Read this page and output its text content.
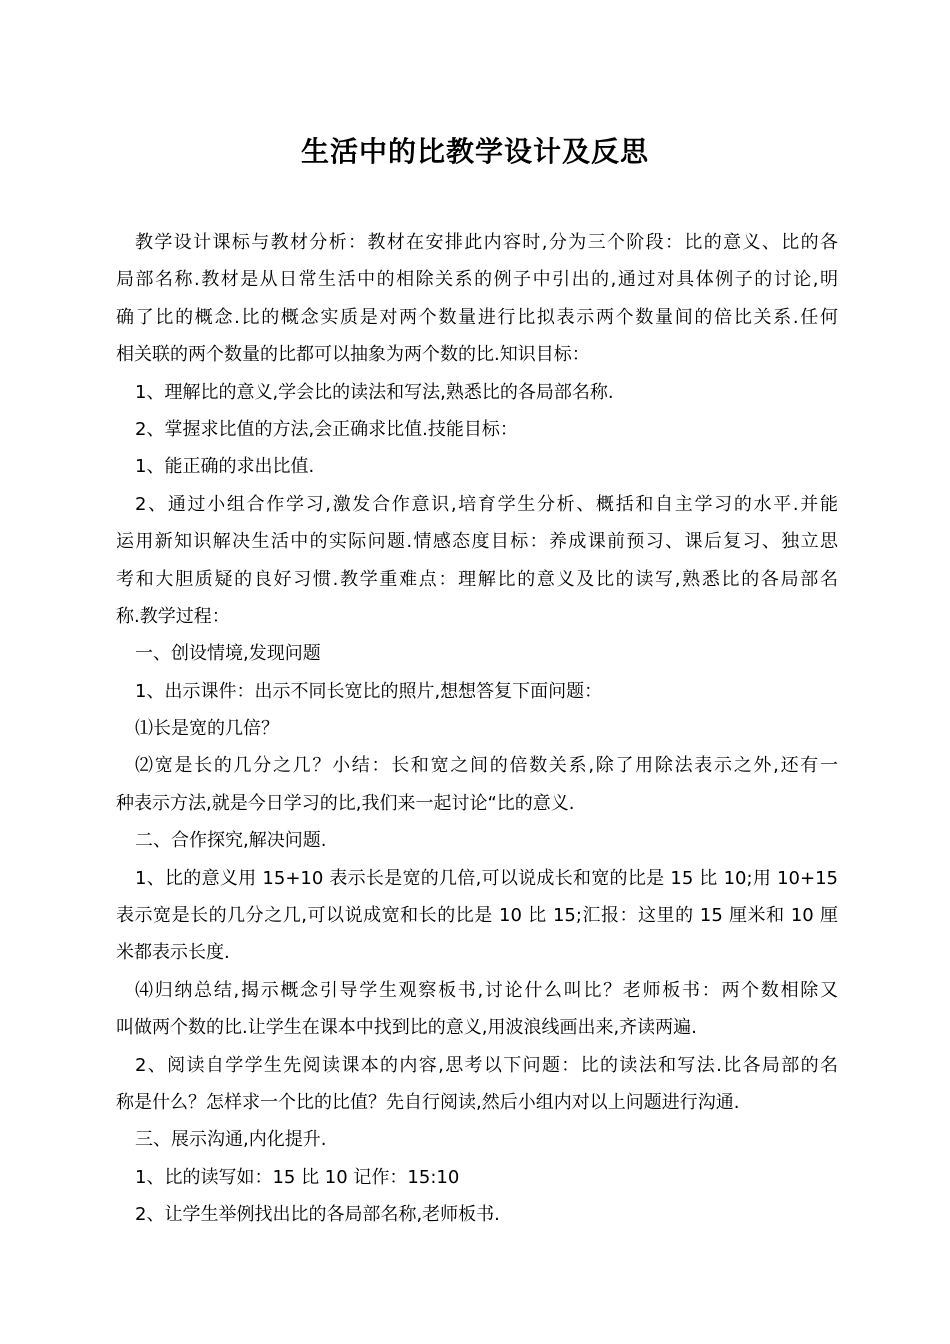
生活中的比教学设计及反思
教学设计课标与教材分析：教材在安排此内容时,分为三个阶段：比的意义、比的各
局部名称.教材是从日常生活中的相除关系的例子中引出的,通过对具体例子的讨论,明
确了比的概念.比的概念实质是对两个数量进行比拟表示两个数量间的倍比关系.任何
相关联的两个数量的比都可以抽象为两个数的比.知识目标：
1、理解比的意义,学会比的读法和写法,熟悉比的各局部名称.
2、掌握求比值的方法,会正确求比值.技能目标：
1、能正确的求出比值.
2、通过小组合作学习,激发合作意识,培育学生分析、概括和自主学习的水平.并能
运用新知识解决生活中的实际问题.情感态度目标：养成课前预习、课后复习、独立思
考和大胆质疑的良好习惯.教学重难点：理解比的意义及比的读写,熟悉比的各局部名
称.教学过程：
一、创设情境,发现问题
1、出示课件：出示不同长宽比的照片,想想答复下面问题：
⑴长是宽的几倍？
⑵宽是长的几分之几？小结：长和宽之间的倍数关系,除了用除法表示之外,还有一
种表示方法,就是今日学习的比,我们来一起讨论“比的意义.
二、合作探究,解决问题.
1、比的意义用 15+10 表示长是宽的几倍,可以说成长和宽的比是 15 比 10;用 10+15
表示宽是长的几分之几,可以说成宽和长的比是 10 比 15;汇报：这里的 15 厘米和 10 厘
米都表示长度.
⑷归纳总结,揭示概念引导学生观察板书,讨论什么叫比？老师板书：两个数相除又
叫做两个数的比.让学生在课本中找到比的意义,用波浪线画出来,齐读两遍.
2、阅读自学学生先阅读课本的内容,思考以下问题：比的读法和写法.比各局部的名
称是什么？怎样求一个比的比值？先自行阅读,然后小组内对以上问题进行沟通.
三、展示沟通,内化提升.
1、比的读写如：15 比 10 记作：15:10
2、让学生举例找出比的各局部名称,老师板书.
